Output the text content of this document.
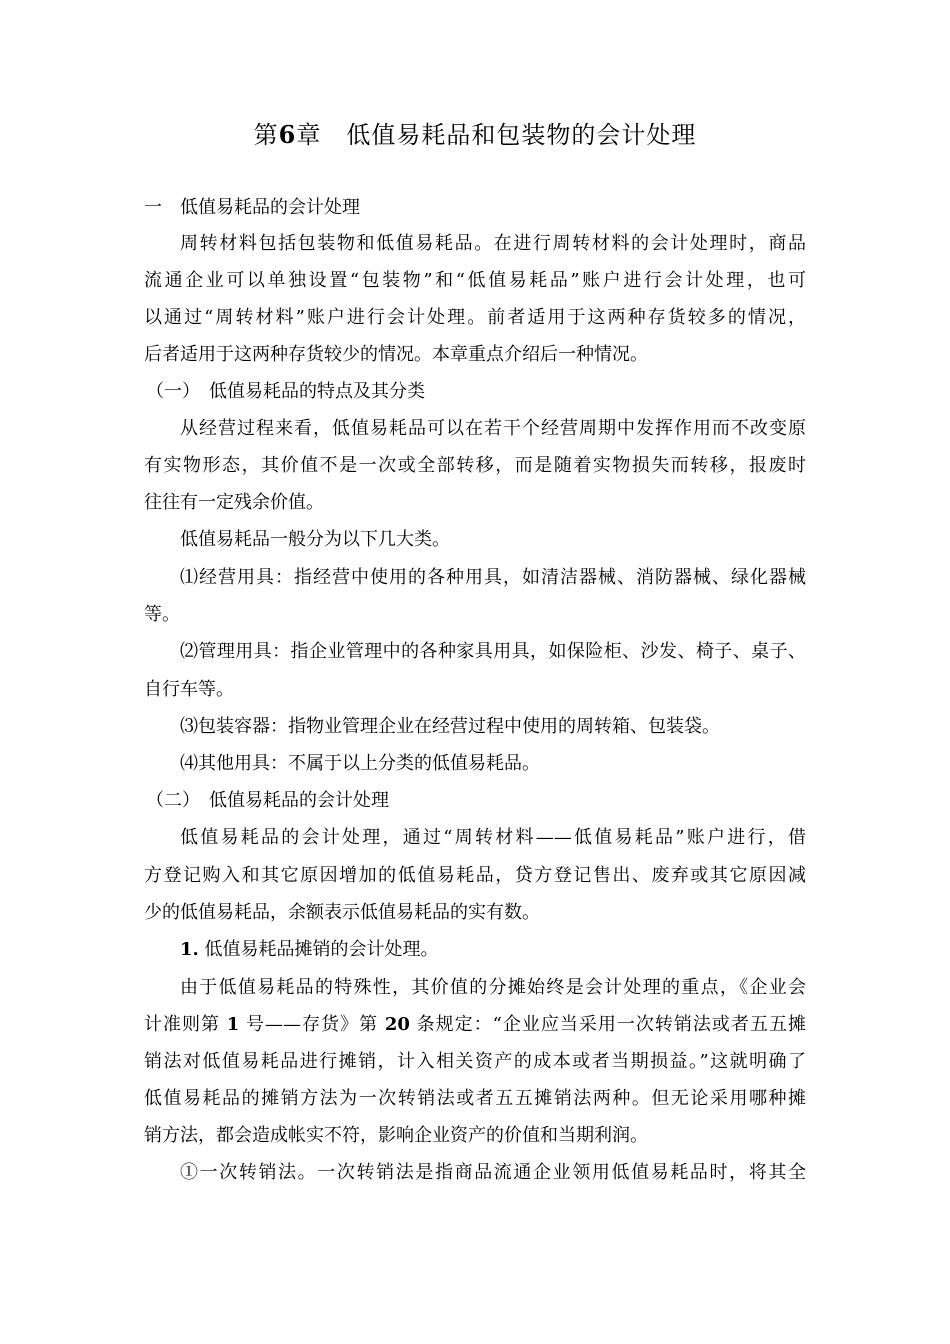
第6章　低值易耗品和包装物的会计处理
一　低值易耗品的会计处理
周转材料包括包装物和低值易耗品。在进行周转材料的会计处理时，商品
流通企业可以单独设置“包装物”和“低值易耗品”账户进行会计处理，也可
以通过“周转材料”账户进行会计处理。前者适用于这两种存货较多的情况，
后者适用于这两种存货较少的情况。本章重点介绍后一种情况。
（一）　低值易耗品的特点及其分类
从经营过程来看，低值易耗品可以在若干个经营周期中发挥作用而不改变原
有实物形态，其价值不是一次或全部转移，而是随着实物损失而转移，报废时
往往有一定残余价值。
低值易耗品一般分为以下几大类。
⑴经营用具：指经营中使用的各种用具，如清洁器械、消防器械、绿化器械
等。
⑵管理用具：指企业管理中的各种家具用具，如保险柜、沙发、椅子、桌子、
自行车等。
⑶包装容器：指物业管理企业在经营过程中使用的周转箱、包装袋。
⑷其他用具：不属于以上分类的低值易耗品。
（二）　低值易耗品的会计处理
低值易耗品的会计处理，通过“周转材料——低值易耗品”账户进行，借
方登记购入和其它原因增加的低值易耗品，贷方登记售出、废弃或其它原因减
少的低值易耗品，余额表示低值易耗品的实有数。
1. 低值易耗品摊销的会计处理。
由于低值易耗品的特殊性，其价值的分摊始终是会计处理的重点，《企业会
计准则第 1 号——存货》第 20 条规定：“企业应当采用一次转销法或者五五摊
销法对低值易耗品进行摊销，计入相关资产的成本或者当期损益。”这就明确了
低值易耗品的摊销方法为一次转销法或者五五摊销法两种。但无论采用哪种摊
销方法，都会造成帐实不符，影响企业资产的价值和当期利润。
①一次转销法。一次转销法是指商品流通企业领用低值易耗品时，将其全
